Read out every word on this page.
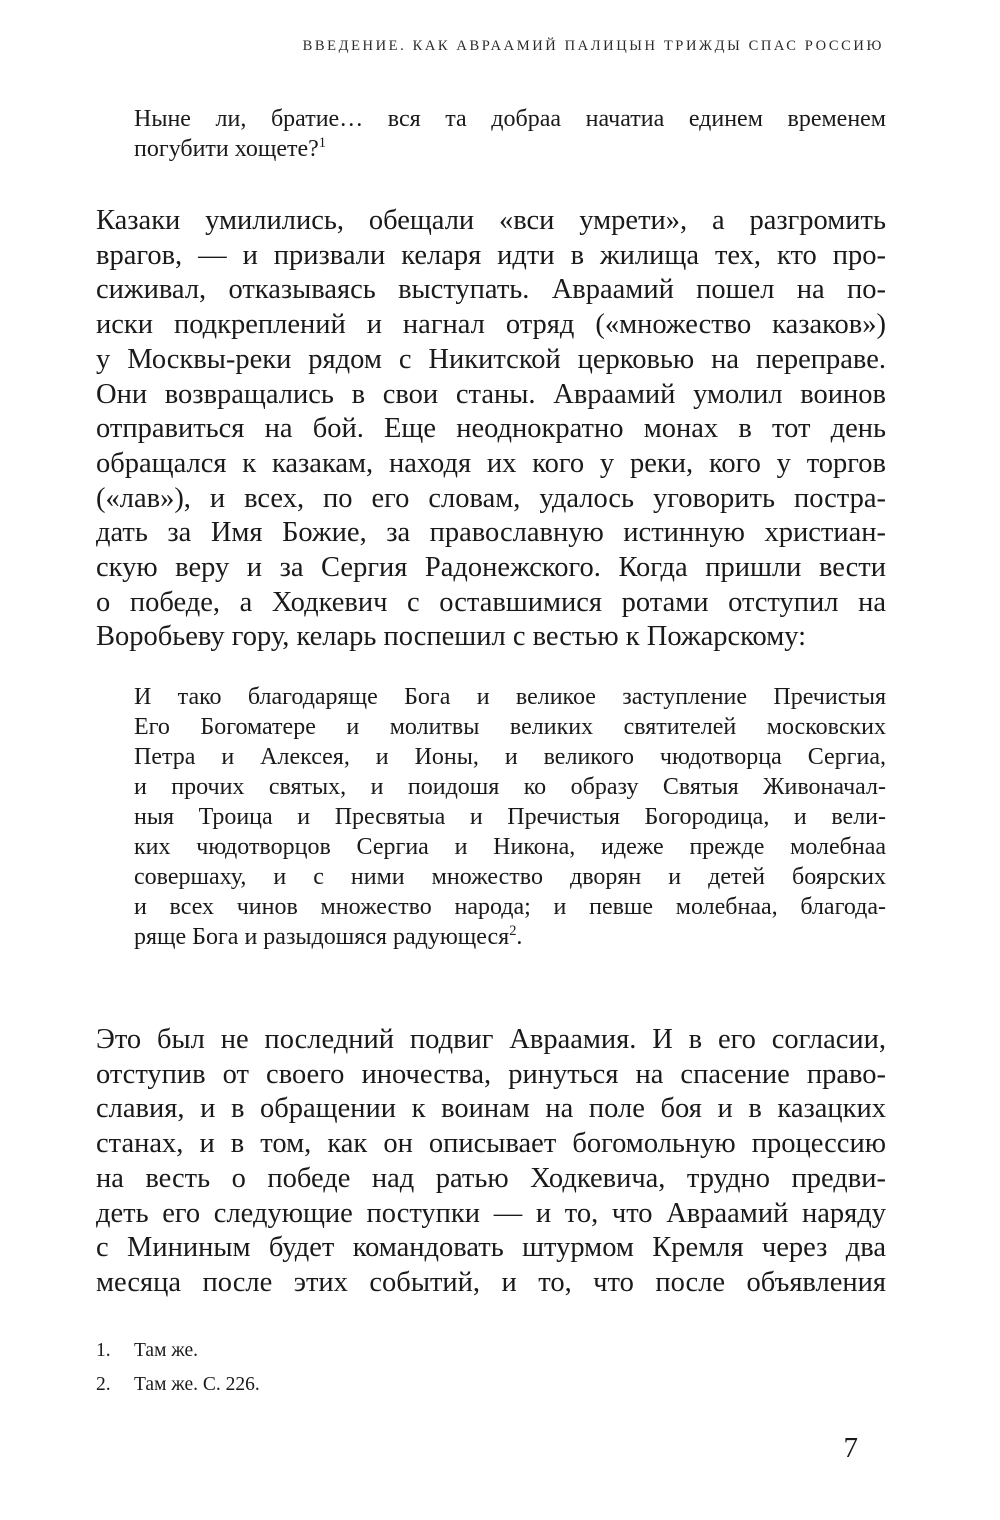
ВВЕДЕНИЕ. КАК АВРААМИЙ ПАЛИЦЫН ТРИЖДЫ СПАС РОССИЮ
Ныне ли, братие… вся та добраа начатиа единем временем
погубити хощете?$^1$
Казаки умилились, обещали «вси умрети», а разгромить
врагов, — и призвали келаря идти в жилища тех, кто про-
сиживал, отказываясь выступать. Авраамий пошел на по-
иски подкреплений и нагнал отряд («множество казаков»)
у Москвы-реки рядом с Никитской церковью на переправе.
Они возвращались в свои станы. Авраамий умолил воинов
отправиться на бой. Еще неоднократно монах в тот день
обращался к казакам, находя их кого у реки, кого у торгов
(«лав»), и всех, по его словам, удалось уговорить постра-
дать за Имя Божие, за православную истинную христиан-
скую веру и за Сергия Радонежского. Когда пришли вести
о победе, а Ходкевич с оставшимися ротами отступил на
Воробьеву гору, келарь поспешил с вестью к Пожарскому:
И тако благодаряще Бога и великое заступление Пречистыя
Его Богоматере и молитвы великих святителей московских
Петра и Алексея, и Ионы, и великого чюдотворца Сергиа,
и прочих святых, и поидошя ко образу Святыя Живоначал-
ныя Троица и Пресвятыа и Пречистыя Богородица, и вели-
ких чюдотворцов Сергиа и Никона, идеже прежде молебнаа
совершаху, и с ними множество дворян и детей боярских
и всех чинов множество народа; и певше молебнаа, благода-
ряще Бога и разыдошяся радующеся$^2$.
Это был не последний подвиг Авраамия. И в его согласии,
отступив от своего иночества, ринуться на спасение право-
славия, и в обращении к воинам на поле боя и в казацких
станах, и в том, как он описывает богомольную процессию
на весть о победе над ратью Ходкевича, трудно предви-
деть его следующие поступки — и то, что Авраамий наряду
с Мининым будет командовать штурмом Кремля через два
месяца после этих событий, и то, что после объявления
1. Там же.
2. Там же. С. 226.
7
